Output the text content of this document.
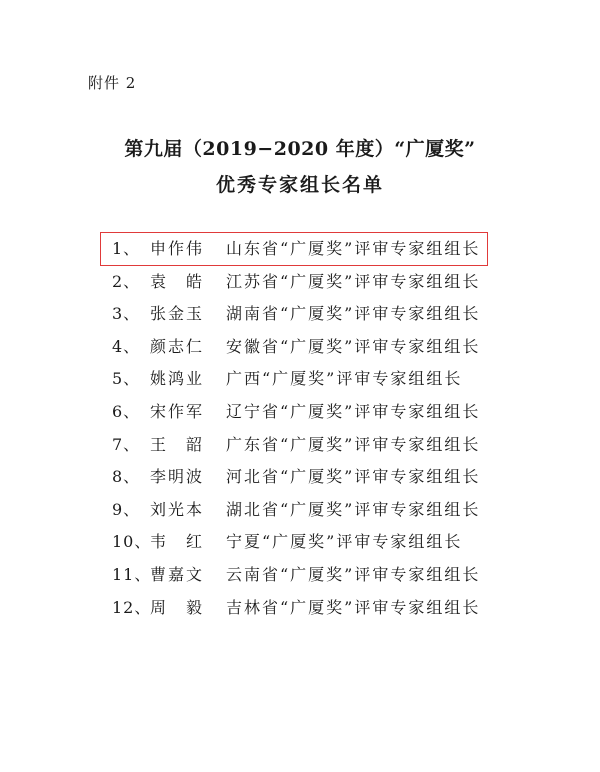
附件 2
第九届（2019−2020 年度）“广厦奖”
优秀专家组长名单
1、 申作伟 山东省“广厦奖”评审专家组组长
2、 袁　皓 江苏省“广厦奖”评审专家组组长
3、 张金玉 湖南省“广厦奖”评审专家组组长
4、 颜志仁 安徽省“广厦奖”评审专家组组长
5、 姚鸿业 广西“广厦奖”评审专家组组长
6、 宋作军 辽宁省“广厦奖”评审专家组组长
7、 王　韶 广东省“广厦奖”评审专家组组长
8、 李明波 河北省“广厦奖”评审专家组组长
9、 刘光本 湖北省“广厦奖”评审专家组组长
10、韦　红 宁夏“广厦奖”评审专家组组长
11、曹嘉文 云南省“广厦奖”评审专家组组长
12、周　毅 吉林省“广厦奖”评审专家组组长
